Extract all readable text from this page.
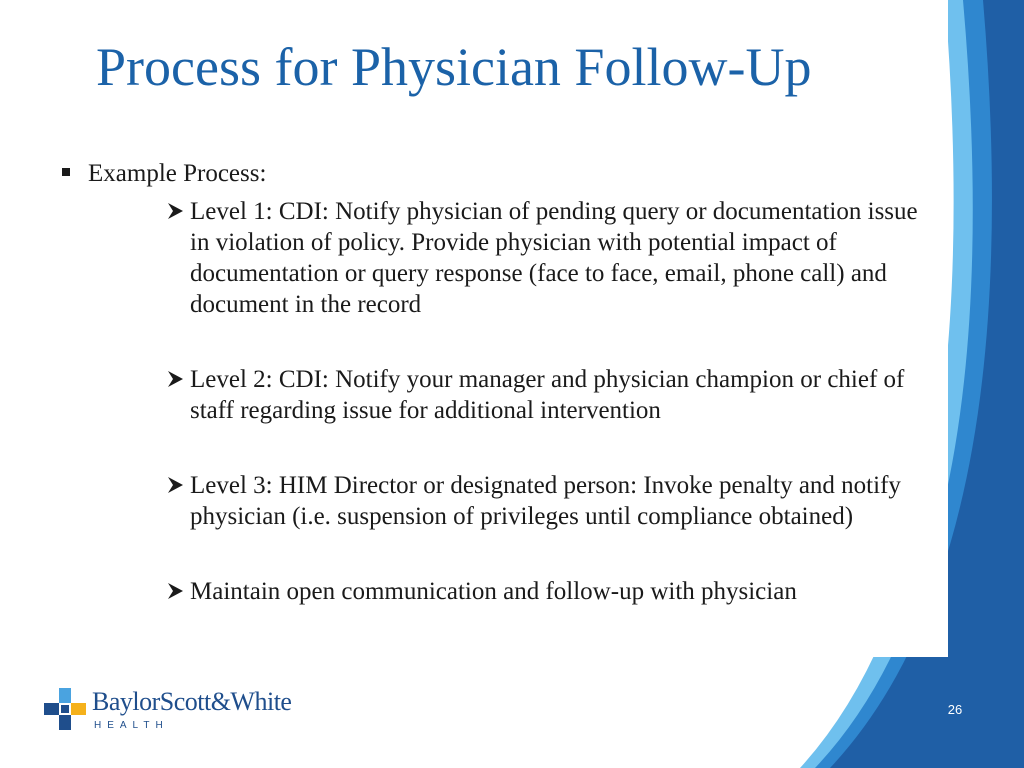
Process for Physician Follow-Up
Example Process:
Level 1: CDI: Notify physician of pending query or documentation issue in violation of policy. Provide physician with potential impact of documentation or query response (face to face, email, phone call) and document in the record
Level 2: CDI: Notify your manager and physician champion or chief of staff regarding issue for additional intervention
Level 3: HIM Director or designated person: Invoke penalty and notify physician (i.e. suspension of privileges until compliance obtained)
Maintain open communication and follow-up with physician
BaylorScott&White
HEALTH
26
